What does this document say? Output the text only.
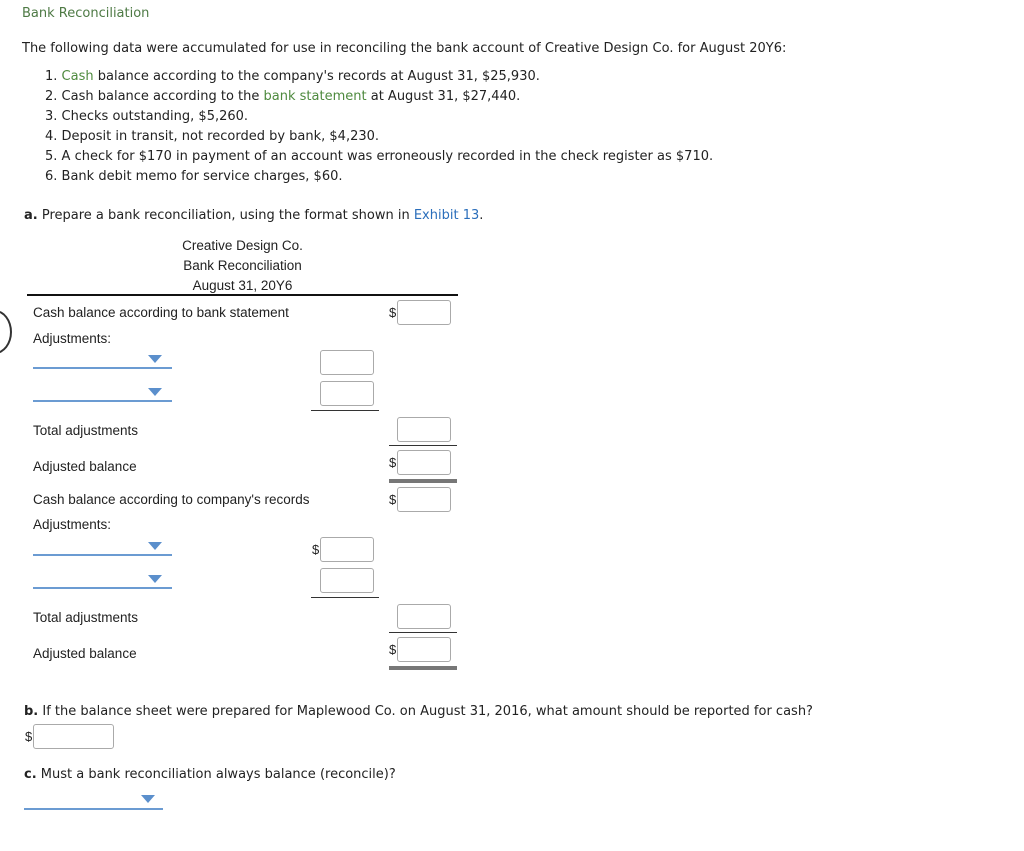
Bank Reconciliation
The following data were accumulated for use in reconciling the bank account of Creative Design Co. for August 20Y6:
1. Cash balance according to the company's records at August 31, $25,930.
2. Cash balance according to the bank statement at August 31, $27,440.
3. Checks outstanding, $5,260.
4. Deposit in transit, not recorded by bank, $4,230.
5. A check for $170 in payment of an account was erroneously recorded in the check register as $710.
6. Bank debit memo for service charges, $60.
a. Prepare a bank reconciliation, using the format shown in Exhibit 13.
Creative Design Co.
Bank Reconciliation
August 31, 20Y6
Cash balance according to bank statement	$
Adjustments:
Total adjustments
Adjusted balance	$
Cash balance according to company's records	$
Adjustments:
$
Total adjustments
Adjusted balance	$
b. If the balance sheet were prepared for Maplewood Co. on August 31, 2016, what amount should be reported for cash?
$
c. Must a bank reconciliation always balance (reconcile)?
